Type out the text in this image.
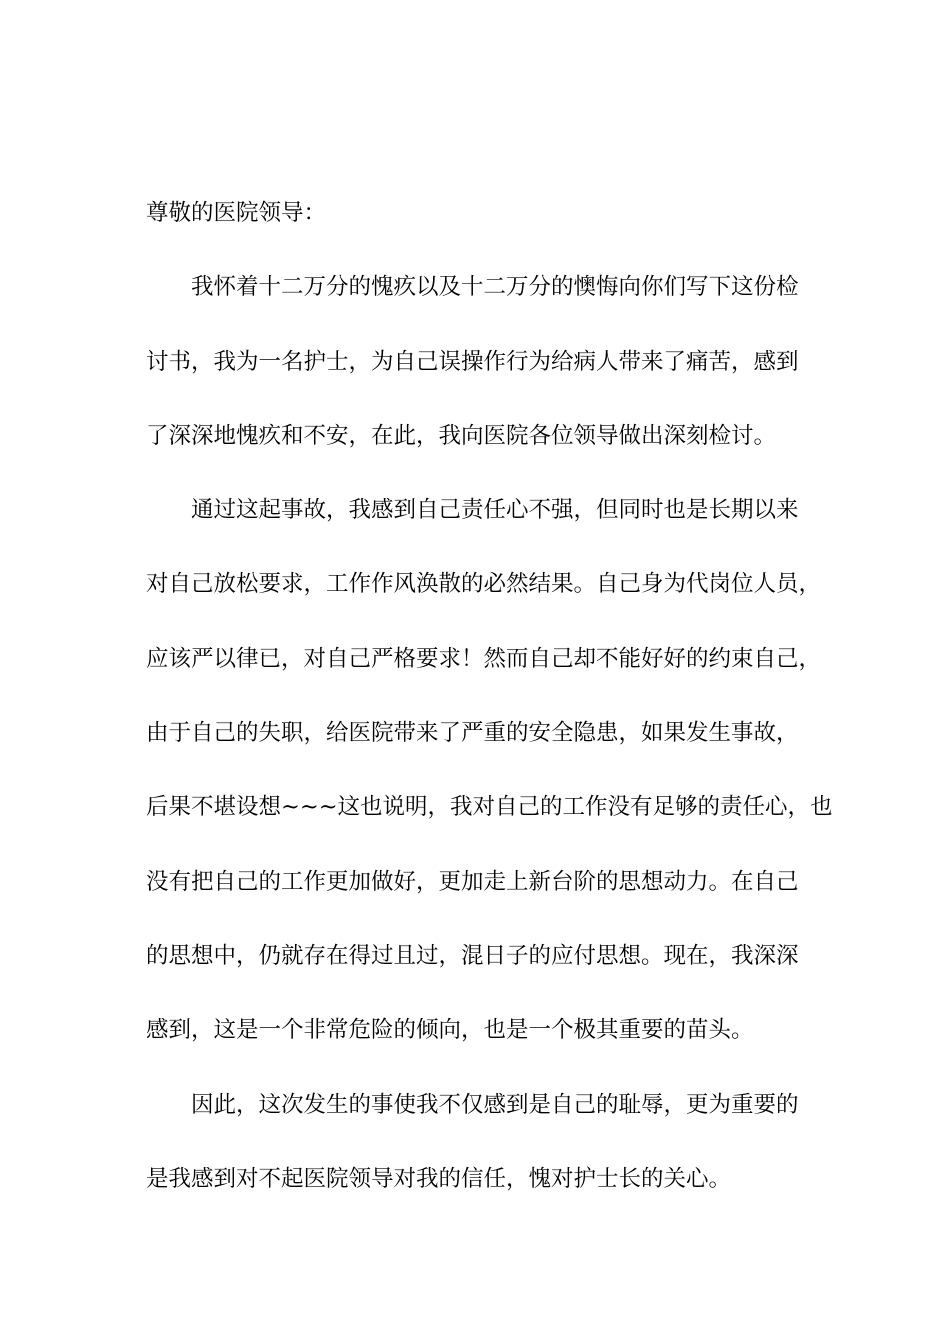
尊敬的医院领导：
我怀着十二万分的愧疚以及十二万分的懊悔向你们写下这份检
讨书，我为一名护士，为自己误操作行为给病人带来了痛苦，感到
了深深地愧疚和不安，在此，我向医院各位领导做出深刻检讨。
通过这起事故，我感到自己责任心不强，但同时也是长期以来
对自己放松要求，工作作风涣散的必然结果。自己身为代岗位人员，
应该严以律已，对自己严格要求！然而自己却不能好好的约束自己，
由于自己的失职，给医院带来了严重的安全隐患，如果发生事故，
后果不堪设想~~~这也说明，我对自己的工作没有足够的责任心，也
没有把自己的工作更加做好，更加走上新台阶的思想动力。在自己
的思想中，仍就存在得过且过，混日子的应付思想。现在，我深深
感到，这是一个非常危险的倾向，也是一个极其重要的苗头。
因此，这次发生的事使我不仅感到是自己的耻辱，更为重要的
是我感到对不起医院领导对我的信任，愧对护士长的关心。
